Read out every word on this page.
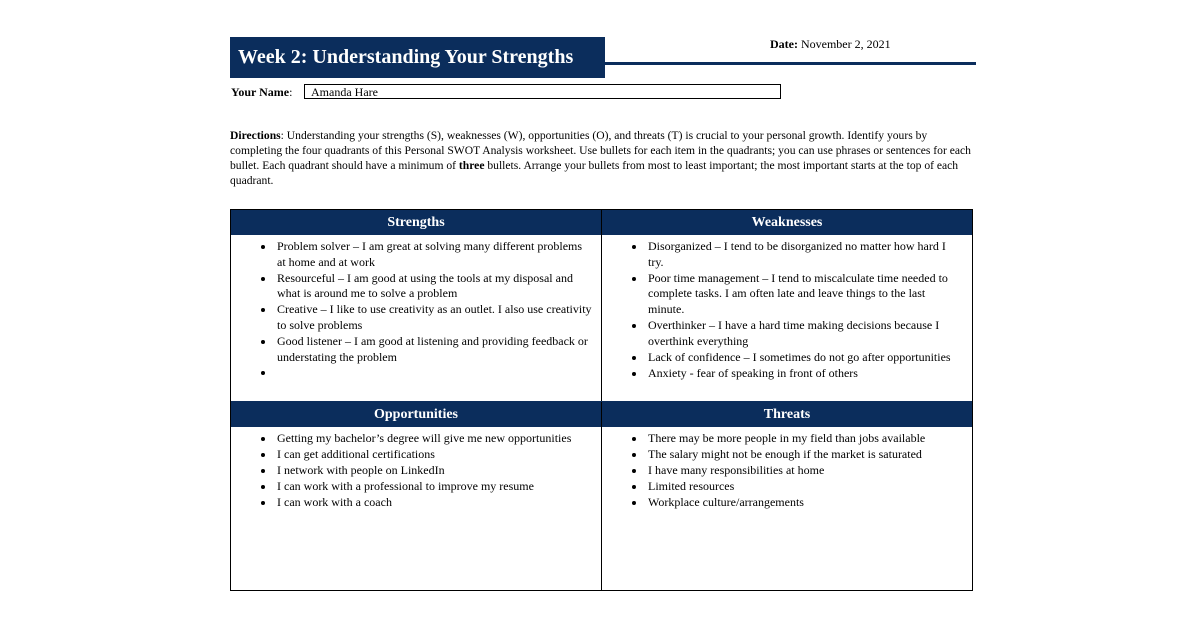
Week 2: Understanding Your Strengths
Date: November 2, 2021
Your Name:	Amanda Hare
Directions: Understanding your strengths (S), weaknesses (W), opportunities (O), and threats (T) is crucial to your personal growth. Identify yours by completing the four quadrants of this Personal SWOT Analysis worksheet. Use bullets for each item in the quadrants; you can use phrases or sentences for each bullet. Each quadrant should have a minimum of three bullets. Arrange your bullets from most to least important; the most important starts at the top of each quadrant.
Strengths
• Problem solver – I am great at solving many different problems at home and at work
• Resourceful – I am good at using the tools at my disposal and what is around me to solve a problem
• Creative – I like to use creativity as an outlet. I also use creativity to solve problems
• Good listener – I am good at listening and providing feedback or understating the problem
•
Weaknesses
• Disorganized – I tend to be disorganized no matter how hard I try.
• Poor time management – I tend to miscalculate time needed to complete tasks. I am often late and leave things to the last minute.
• Overthinker – I have a hard time making decisions because I overthink everything
• Lack of confidence – I sometimes do not go after opportunities
• Anxiety - fear of speaking in front of others
Opportunities
• Getting my bachelor’s degree will give me new opportunities
• I can get additional certifications
• I network with people on LinkedIn
• I can work with a professional to improve my resume
• I can work with a coach
Threats
• There may be more people in my field than jobs available
• The salary might not be enough if the market is saturated
• I have many responsibilities at home
• Limited resources
• Workplace culture/arrangements
